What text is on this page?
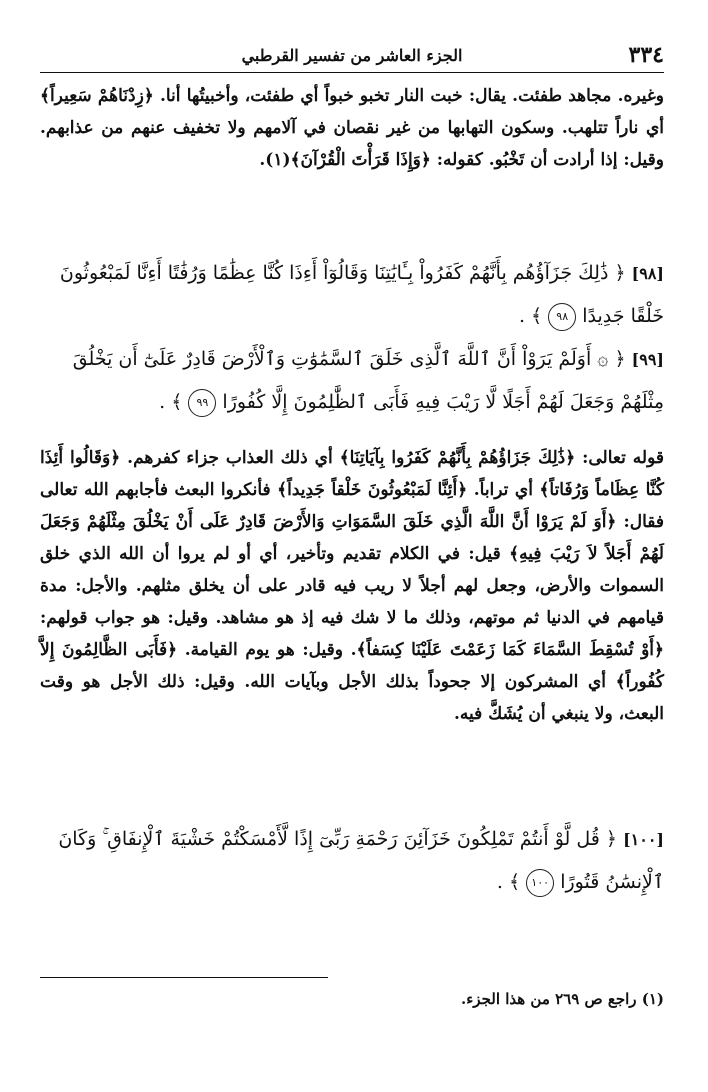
٣٣٤
الجزء العاشر من تفسير القرطبي

وغيره. مجاهد طفئت. يقال: خبت النار تخبو خبواً أي طفئت، وأخبيتُها أنا. ﴿زِدْنَاهُمْ سَعِيراً﴾ أي ناراً تتلهب. وسكون التهابها من غير نقصان في آلامهم ولا تخفيف عنهم من عذابهم. وقيل: إذا أرادت أن تَخْبُو. كقوله: ﴿وَإِذَا قَرَأْتَ الْقُرْآنَ﴾(١).

[٩٨] ﴿ ذَٰلِكَ جَزَآؤُهُم بِأَنَّهُمْ كَفَرُواْ بِـَٔايَٰتِنَا وَقَالُوٓاْ أَءِذَا كُنَّا عِظَٰمًا وَرُفَٰتًا أَءِنَّا لَمَبْعُوثُونَ خَلْقًا جَدِيدًا ٩٨ ﴾ .
[٩٩] ﴿ ۞ أَوَلَمْ يَرَوْاْ أَنَّ ٱللَّهَ ٱلَّذِى خَلَقَ ٱلسَّمَٰوَٰتِ وَٱلْأَرْضَ قَادِرٌ عَلَىٰٓ أَن يَخْلُقَ مِثْلَهُمْ وَجَعَلَ لَهُمْ أَجَلًا لَّا رَيْبَ فِيهِ فَأَبَى ٱلظَّٰلِمُونَ إِلَّا كُفُورًا ٩٩ ﴾ .

قوله تعالى: ﴿ذَٰلِكَ جَزَاؤُهُمْ بِأَنَّهُمْ كَفَرُوا بِآيَاتِنَا﴾ أي ذلك العذاب جزاء كفرهم. ﴿وَقَالُوا أَئِذَا كُنَّا عِظَاماً وَرُفَاتاً﴾ أي تراباً. ﴿أَئِنَّا لَمَبْعُوثُونَ خَلْقاً جَدِيداً﴾ فأنكروا البعث فأجابهم الله تعالى فقال: ﴿أَوَ لَمْ يَرَوْا أَنَّ اللَّهَ الَّذِي خَلَقَ السَّمَوَاتِ وَالأَرْضَ قَادِرٌ عَلَى أَنْ يَخْلُقَ مِثْلَهُمْ وَجَعَلَ لَهُمْ أَجَلاً لاَ رَيْبَ فِيهِ﴾ قيل: في الكلام تقديم وتأخير، أي أو لم يروا أن الله الذي خلق السموات والأرض، وجعل لهم أجلاً لا ريب فيه قادر على أن يخلق مثلهم. والأجل: مدة قيامهم في الدنيا ثم موتهم، وذلك ما لا شك فيه إذ هو مشاهد. وقيل: هو جواب قولهم: ﴿أَوْ تُسْقِطَ السَّمَاءَ كَمَا زَعَمْتَ عَلَيْنَا كِسَفاً﴾. وقيل: هو يوم القيامة. ﴿فَأَبَى الظَّالِمُونَ إِلاَّ كُفُوراً﴾ أي المشركون إلا جحوداً بذلك الأجل وبآيات الله. وقيل: ذلك الأجل هو وقت البعث، ولا ينبغي أن يُشَكَّ فيه.

[١٠٠] ﴿ قُل لَّوْ أَنتُمْ تَمْلِكُونَ خَزَآئِنَ رَحْمَةِ رَبِّىٓ إِذًا لَّأَمْسَكْتُمْ خَشْيَةَ ٱلْإِنفَاقِ ۚ وَكَانَ ٱلْإِنسَٰنُ قَتُورًا ١٠٠ ﴾ .
(١) راجع ص ٢٦٩ من هذا الجزء.
